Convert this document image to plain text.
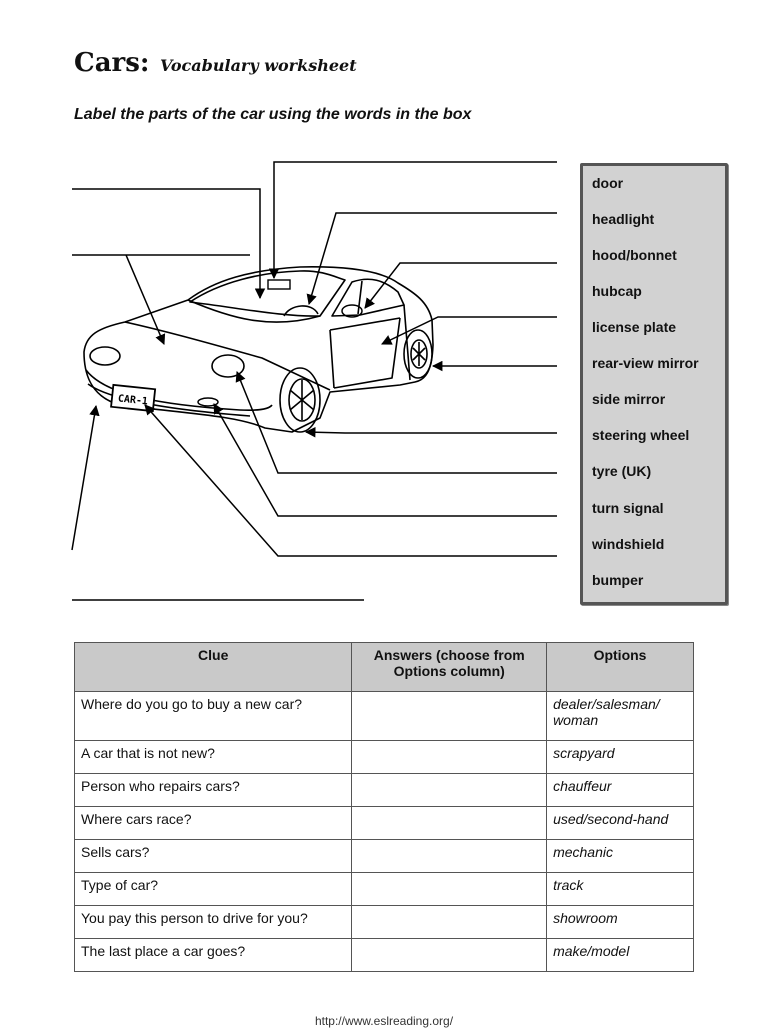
Cars: Vocabulary worksheet
Label the parts of the car using the words in the box
CAR-1
door
headlight
hood/bonnet
hubcap
license plate
rear-view mirror
side mirror
steering wheel
tyre (UK)
turn signal
windshield
bumper
Clue	Answers (choose from Options column)	Options
Where do you go to buy a new car?		dealer/salesman/ woman
A car that is not new?		scrapyard
Person who repairs cars?		chauffeur
Where cars race?		used/second-hand
Sells cars?		mechanic
Type of car?		track
You pay this person to drive for you?		showroom
The last place a car goes?		make/model
http://www.eslreading.org/
